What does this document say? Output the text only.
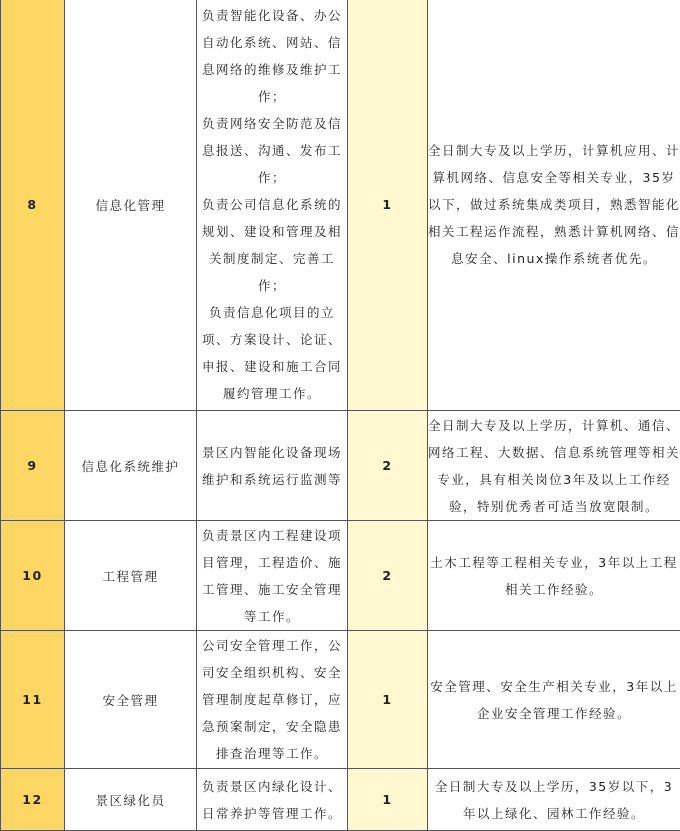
8	信息化管理	负责智能化设备、办公自动化系统、网站、信息网络的维修及维护工作；
负责网络安全防范及信息报送、沟通、发布工作；
负责公司信息化系统的规划、建设和管理及相关制度制定、完善工作；
负责信息化项目的立项、方案设计、论证、申报、建设和施工合同履约管理工作。	1	全日制大专及以上学历，计算机应用、计算机网络、信息安全等相关专业，35岁以下，做过系统集成类项目，熟悉智能化相关工程运作流程，熟悉计算机网络、信息安全、linux操作系统者优先。

9	信息化系统维护	景区内智能化设备现场维护和系统运行监测等	2	全日制大专及以上学历，计算机、通信、网络工程、大数据、信息系统管理等相关专业，具有相关岗位3年及以上工作经验，特别优秀者可适当放宽限制。

10	工程管理	负责景区内工程建设项目管理，工程造价、施工管理、施工安全管理等工作。	2	土木工程等工程相关专业，3年以上工程相关工作经验。

11	安全管理	公司安全管理工作，公司安全组织机构、安全管理制度起草修订，应急预案制定，安全隐患排查治理等工作。	1	安全管理、安全生产相关专业，3年以上企业安全管理工作经验。

12	景区绿化员	负责景区内绿化设计、日常养护等管理工作。	1	全日制大专及以上学历，35岁以下，3年以上绿化、园林工作经验。
